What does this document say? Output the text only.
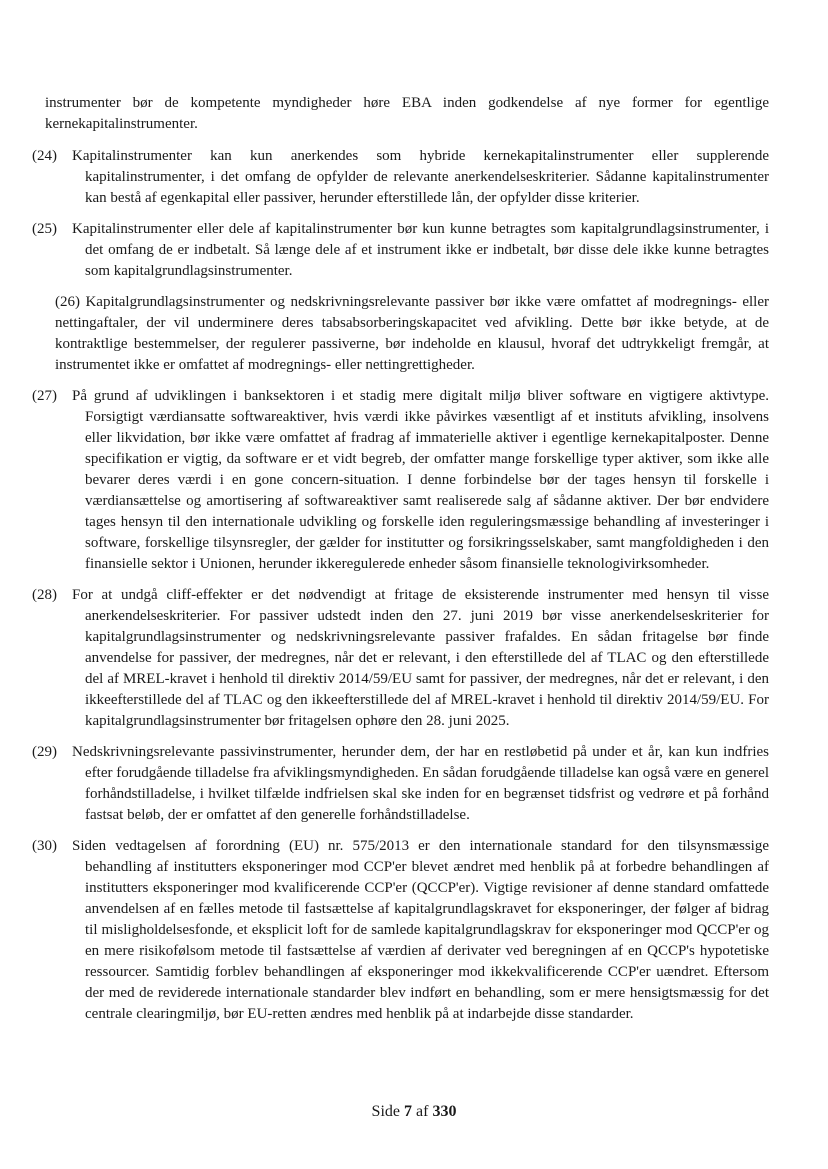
instrumenter bør de kompetente myndigheder høre EBA inden godkendelse af nye former for egentlige kernekapitalinstrumenter.

(24) Kapitalinstrumenter kan kun anerkendes som hybride kernekapitalinstrumenter eller supplerende kapitalinstrumenter, i det omfang de opfylder de relevante anerkendelseskriterier. Sådanne kapitalinstrumenter kan bestå af egenkapital eller passiver, herunder efterstillede lån, der opfylder disse kriterier.

(25) Kapitalinstrumenter eller dele af kapitalinstrumenter bør kun kunne betragtes som kapitalgrundlagsinstrumenter, i det omfang de er indbetalt. Så længe dele af et instrument ikke er indbetalt, bør disse dele ikke kunne betragtes som kapitalgrundlagsinstrumenter.

(26) Kapitalgrundlagsinstrumenter og nedskrivningsrelevante passiver bør ikke være omfattet af modregnings- eller nettingaftaler, der vil underminere deres tabsabsorberingskapacitet ved afvikling. Dette bør ikke betyde, at de kontraktlige bestemmelser, der regulerer passiverne, bør indeholde en klausul, hvoraf det udtrykkeligt fremgår, at instrumentet ikke er omfattet af modregnings- eller nettingrettigheder.

(27) På grund af udviklingen i banksektoren i et stadig mere digitalt miljø bliver software en vigtigere aktivtype. Forsigtigt værdiansatte softwareaktiver, hvis værdi ikke påvirkes væsentligt af et instituts afvikling, insolvens eller likvidation, bør ikke være omfattet af fradrag af immaterielle aktiver i egentlige kernekapitalposter. Denne specifikation er vigtig, da software er et vidt begreb, der omfatter mange forskellige typer aktiver, som ikke alle bevarer deres værdi i en gone concern-situation. I denne forbindelse bør der tages hensyn til forskelle i værdiansættelse og amortisering af softwareaktiver samt realiserede salg af sådanne aktiver. Der bør endvidere tages hensyn til den internationale udvikling og forskelle iden reguleringsmæssige behandling af investeringer i software, forskellige tilsynsregler, der gælder for institutter og forsikringsselskaber, samt mangfoldigheden i den finansielle sektor i Unionen, herunder ikkeregulerede enheder såsom finansielle teknologivirksomheder.

(28) For at undgå cliff-effekter er det nødvendigt at fritage de eksisterende instrumenter med hensyn til visse anerkendelseskriterier. For passiver udstedt inden den 27. juni 2019 bør visse anerkendelseskriterier for kapitalgrundlagsinstrumenter og nedskrivningsrelevante passiver frafaldes. En sådan fritagelse bør finde anvendelse for passiver, der medregnes, når det er relevant, i den efterstillede del af TLAC og den efterstillede del af MREL-kravet i henhold til direktiv 2014/59/EU samt for passiver, der medregnes, når det er relevant, i den ikkeefterstillede del af TLAC og den ikkeefterstillede del af MREL-kravet i henhold til direktiv 2014/59/EU. For kapitalgrundlagsinstrumenter bør fritagelsen ophøre den 28. juni 2025.

(29) Nedskrivningsrelevante passivinstrumenter, herunder dem, der har en restløbetid på under et år, kan kun indfries efter forudgående tilladelse fra afviklingsmyndigheden. En sådan forudgående tilladelse kan også være en generel forhåndstilladelse, i hvilket tilfælde indfrielsen skal ske inden for en begrænset tidsfrist og vedrøre et på forhånd fastsat beløb, der er omfattet af den generelle forhåndstilladelse.

(30) Siden vedtagelsen af forordning (EU) nr. 575/2013 er den internationale standard for den tilsynsmæssige behandling af institutters eksponeringer mod CCP'er blevet ændret med henblik på at forbedre behandlingen af institutters eksponeringer mod kvalificerende CCP'er (QCCP'er). Vigtige revisioner af denne standard omfattede anvendelsen af en fælles metode til fastsættelse af kapitalgrundlagskravet for eksponeringer, der følger af bidrag til misligholdelsesfonde, et eksplicit loft for de samlede kapitalgrundlagskrav for eksponeringer mod QCCP'er og en mere risikofølsom metode til fastsættelse af værdien af derivater ved beregningen af en QCCP's hypotetiske ressourcer. Samtidig forblev behandlingen af eksponeringer mod ikkekvalificerende CCP'er uændret. Eftersom der med de reviderede internationale standarder blev indført en behandling, som er mere hensigtsmæssig for det centrale clearingmiljø, bør EU-retten ændres med henblik på at indarbejde disse standarder.

Side 7 af 330
